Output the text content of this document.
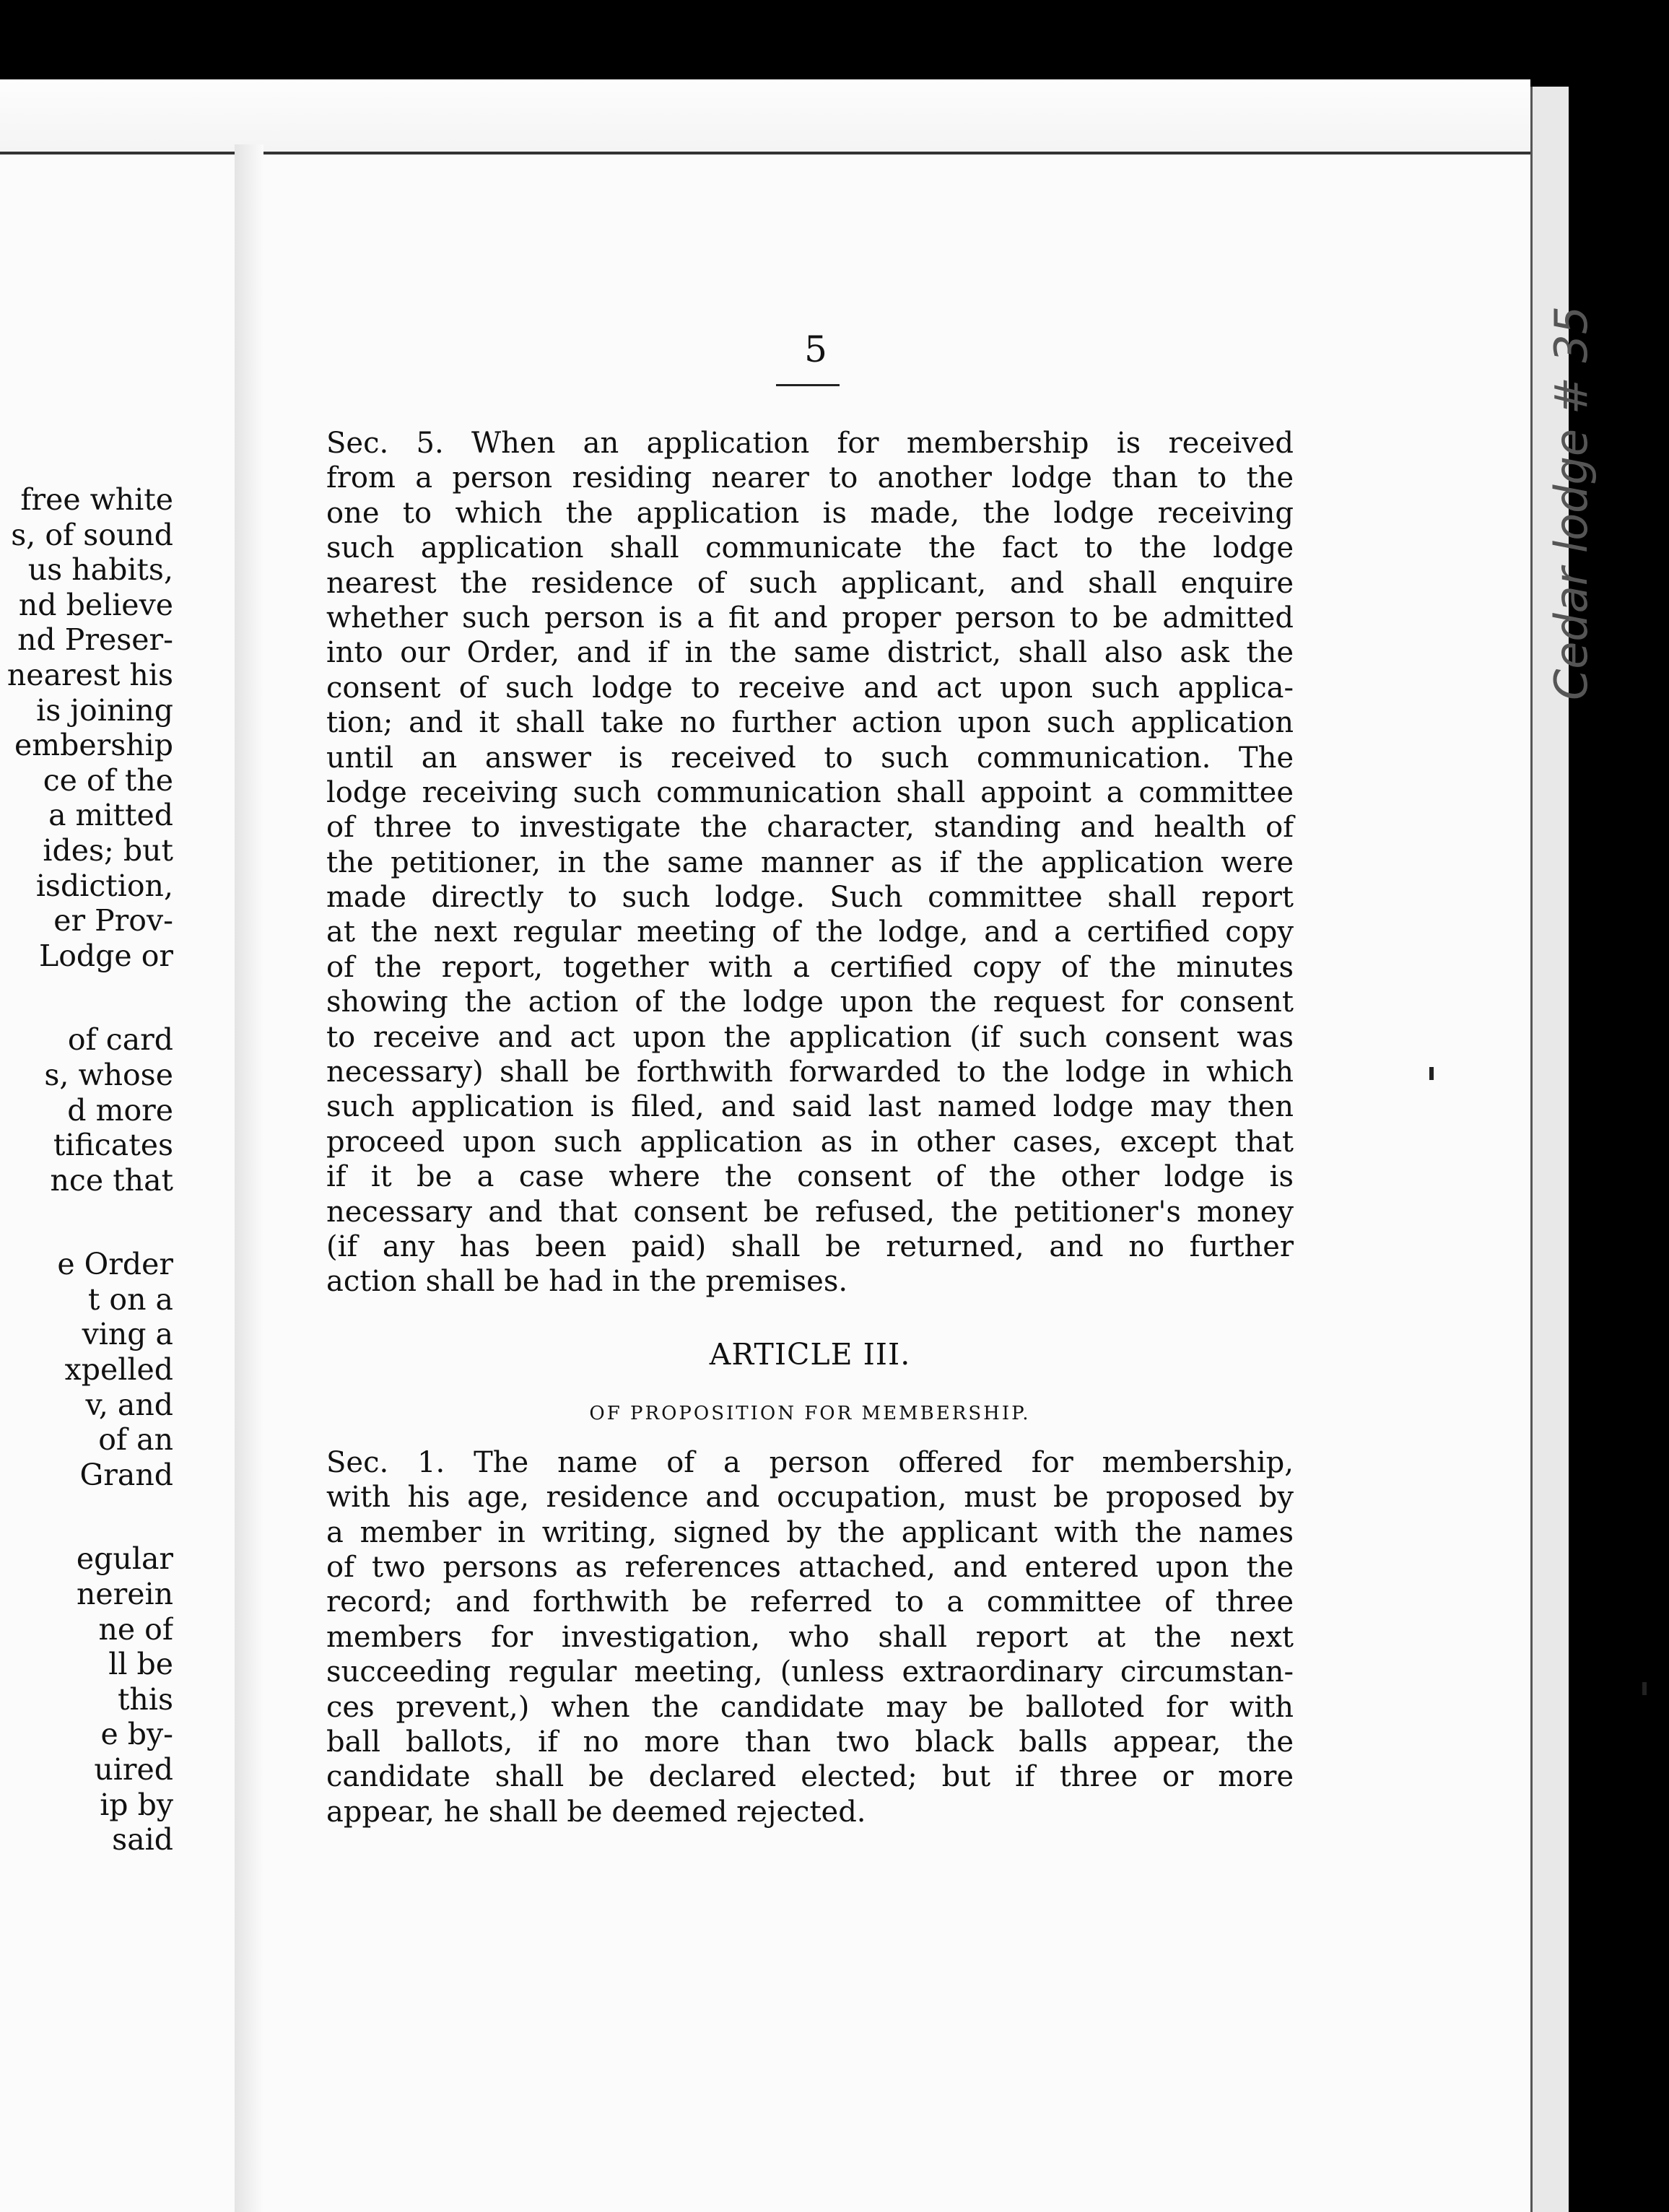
free white
s, of sound
us habits,
nd believe
nd Preser-
nearest his
is joining
embership
ce of the
a mitted
ides; but
isdiction,
er Prov-
Lodge or
of card
s, whose
d more
tificates
nce that
e Order
t on a
ving a
xpelled
v, and
of an
Grand
egular
nerein
ne of
ll be
this
e by-
uired
ip by
said
5
Sec. 5. When an application for membership is received
from a person residing nearer to another lodge than to the
one to which the application is made, the lodge receiving
such application shall communicate the fact to the lodge
nearest the residence of such applicant, and shall enquire
whether such person is a fit and proper person to be admitted
into our Order, and if in the same district, shall also ask the
consent of such lodge to receive and act upon such applica-
tion; and it shall take no further action upon such application
until an answer is received to such communication. The
lodge receiving such communication shall appoint a committee
of three to investigate the character, standing and health of
the petitioner, in the same manner as if the application were
made directly to such lodge. Such committee shall report
at the next regular meeting of the lodge, and a certified copy
of the report, together with a certified copy of the minutes
showing the action of the lodge upon the request for consent
to receive and act upon the application (if such consent was
necessary) shall be forthwith forwarded to the lodge in which
such application is filed, and said last named lodge may then
proceed upon such application as in other cases, except that
if it be a case where the consent of the other lodge is
necessary and that consent be refused, the petitioner's money
(if any has been paid) shall be returned, and no further
action shall be had in the premises.
ARTICLE III.
OF PROPOSITION FOR MEMBERSHIP.
Sec. 1. The name of a person offered for membership,
with his age, residence and occupation, must be proposed by
a member in writing, signed by the applicant with the names
of two persons as references attached, and entered upon the
record; and forthwith be referred to a committee of three
members for investigation, who shall report at the next
succeeding regular meeting, (unless extraordinary circumstan-
ces prevent,) when the candidate may be balloted for with
ball ballots, if no more than two black balls appear, the
candidate shall be declared elected; but if three or more
appear, he shall be deemed rejected.
Cedar lodge # 35
